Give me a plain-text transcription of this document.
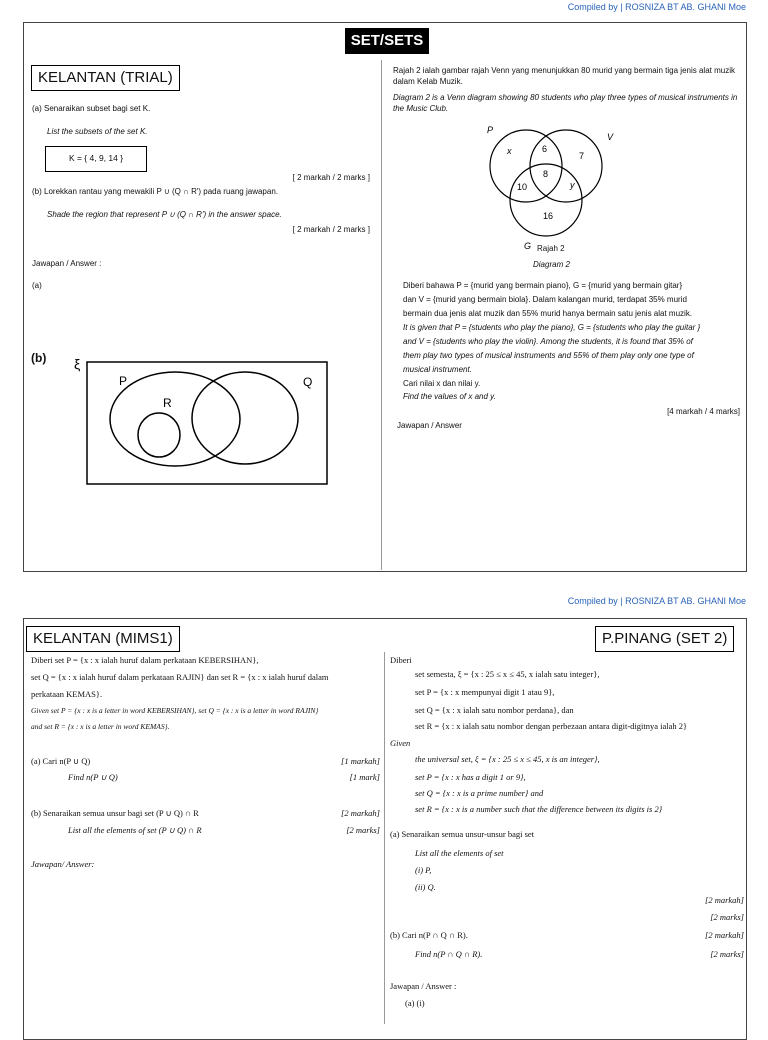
Compiled by | ROSNIZA BT AB. GHANI Moe
SET/SETS
KELANTAN (TRIAL)
(a) Senaraikan subset bagi set K.
List the subsets of the set K.
K = { 4, 9, 14 }
[ 2 markah / 2 marks ]
(b) Lorekkan rantau yang mewakili P ∪ (Q ∩ R') pada ruang jawapan.
Shade the region that represent P ∪ (Q ∩ R') in the answer space.
[ 2 markah / 2 marks ]
Jawapan / Answer :
(a)
(b) ξ
P	Q
R
Rajah 2 ialah gambar rajah Venn yang menunjukkan 80 murid yang bermain tiga jenis alat muzik dalam Kelab Muzik.
Diagram 2 is a Venn diagram showing 80 students who play three types of musical instruments in the Music Club.
P
V
G
x	6
7
8
10	y
16
Rajah 2
Diagram 2
Diberi bahawa P = {murid yang bermain piano}, G = {murid yang bermain gitar}
dan V = {murid yang bermain biola}. Dalam kalangan murid, terdapat 35% murid
bermain dua jenis alat muzik dan 55% murid hanya bermain satu jenis alat muzik.
It is given that P = {students who play the piano}, G = {students who play the guitar }
and V = {students who play the violin}. Among the students, it is found that 35% of
them play two types of musical instruments and 55% of them play only one type of
musical instrument.
Cari nilai x dan nilai y.
Find the values of x and y.
[4 markah / 4 marks]
Jawapan / Answer
Compiled by | ROSNIZA BT AB. GHANI Moe
KELANTAN (MIMS1)	P.PINANG (SET 2)
Diberi set P = {x : x ialah huruf dalam perkataan KEBERSIHAN},
set Q = {x : x ialah huruf dalam perkataan RAJIN} dan set R = {x : x ialah huruf dalam
perkataan KEMAS}.
Given set P = {x : x is a letter in word KEBERSIHAN}, set Q = {x : x is a letter in word RAJIN}
and set R = {x : x is a letter in word KEMAS}.
(a) Cari n(P ∪ Q)	[1 markah]
Find n(P ∪ Q)	[1 mark]
(b) Senaraikan semua unsur bagi set (P ∪ Q) ∩ R	[2 markah]
List all the elements of set (P ∪ Q) ∩ R	[2 marks]
Jawapan/ Answer:
Diberi
set semesta, ξ = {x : 25 ≤ x ≤ 45, x ialah satu integer},
set P = {x : x mempunyai digit 1 atau 9},
set Q = {x : x ialah satu nombor perdana}, dan
set R = {x : x ialah satu nombor dengan perbezaan antara digit-digitnya ialah 2}
Given
the universal set, ξ = {x : 25 ≤ x ≤ 45, x is an integer},
set P = {x : x has a digit 1 or 9},
set Q = {x : x is a prime number} and
set R = {x : x is a number such that the difference between its digits is 2}
(a) Senaraikan semua unsur-unsur bagi set
List all the elements of set
(i) P,
(ii) Q.
[2 markah]
[2 marks]
(b) Cari n(P ∩ Q ∩ R).	[2 markah]
Find n(P ∩ Q ∩ R).	[2 marks]
Jawapan / Answer :
(a) (i)
